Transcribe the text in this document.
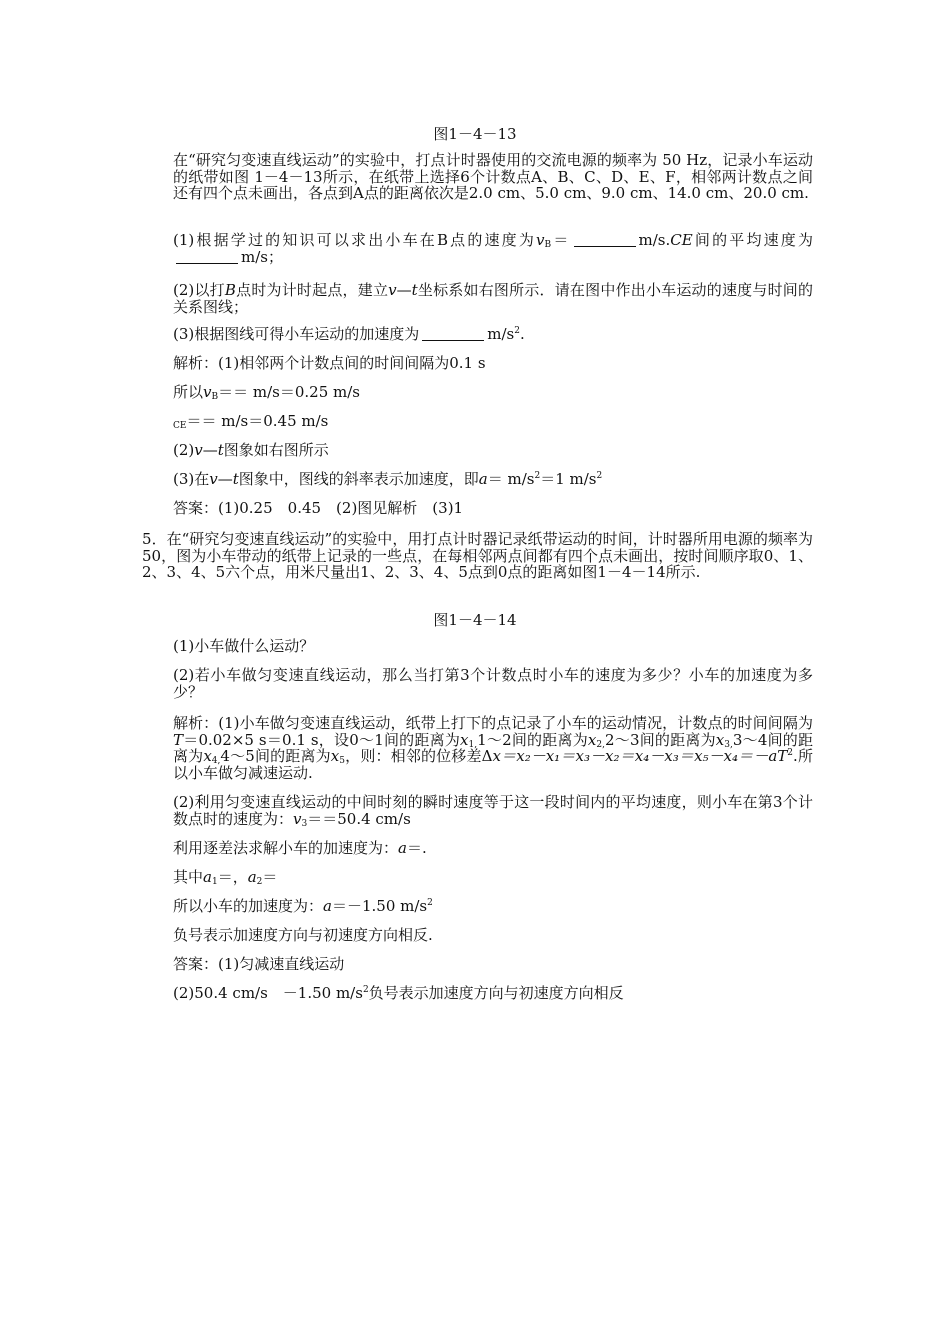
图1－4－13
在“研究匀变速直线运动”的实验中，打点计时器使用的交流电源的频率为 50 Hz，记录小车运动的纸带如图 1－4－13所示，在纸带上选择6个计数点A、B、C、D、E、F，相邻两计数点之间还有四个点未画出，各点到A点的距离依次是2.0 cm、5.0 cm、9.0 cm、14.0 cm、20.0 cm.
(1)根据学过的知识可以求出小车在B点的速度为$v_B=$	m/s.CE间的平均速度为m/s；
(2)以打B点时为计时起点，建立v—t坐标系如右图所示．请在图中作出小车运动的速度与时间的关系图线；
(3)根据图线可得小车运动的加速度为	$m/s^2$.
解析：(1)相邻两个计数点间的时间间隔为0.1 s
所以$v_B== m/s=0.25$ m/s
$_{CE}$＝＝ m/s＝0.45 m/s
(2)v—t图象如右图所示
(3)在v—t图象中，图线的斜率表示加速度，即$a= m/s^2=1$ $m/s^2$
答案：(1)0.25　0.45　(2)图见解析　(3)1
5．在“研究匀变速直线运动”的实验中，用打点计时器记录纸带运动的时间，计时器所用电源的频率为50，图为小车带动的纸带上记录的一些点，在每相邻两点间都有四个点未画出，按时间顺序取0、1、2、3、4、5六个点，用米尺量出1、2、3、4、5点到0点的距离如图1－4－14所示.
图1－4－14
(1)小车做什么运动？
(2)若小车做匀变速直线运动，那么当打第3个计数点时小车的速度为多少？小车的加速度为多少？
解析：(1)小车做匀变速直线运动，纸带上打下的点记录了小车的运动情况，计数点的时间间隔为T＝0.02×5 s＝0.1 s，设0～1间的距离为$x_{1,}1\sim 2$间的距离为$x_{2,}2\sim 3$间的距离为$x_{3,}3\sim 4$间的距离为$x_{4,}4\sim 5$间的距离为$x_5$，则：相邻的位移差$\Delta x=x_2-x_1=x_3-x_2=x_4-x_3=x_5-x_4=-aT^2$.所以小车做匀减速运动.
(2)利用匀变速直线运动的中间时刻的瞬时速度等于这一段时间内的平均速度，则小车在第3个计数点时的速度为：$v_3==50.4$ cm/s
利用逐差法求解小车的加速度为：a＝.
其中$a_1=$，$a_2=$
所以小车的加速度为：a＝－1.50 $m/s^2$
负号表示加速度方向与初速度方向相反.
答案：(1)匀减速直线运动
(2)50.4 cm/s　－1.50 $m/s^2$负号表示加速度方向与初速度方向相反
